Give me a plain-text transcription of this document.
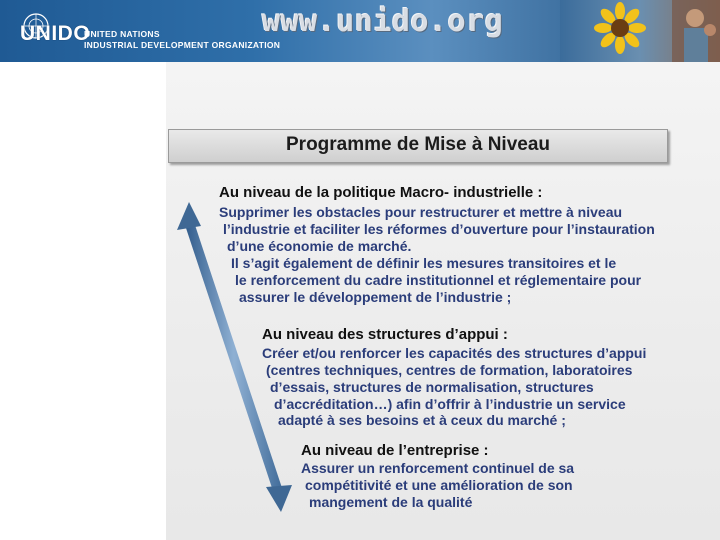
UNIDO
UNITED NATIONS
INDUSTRIAL DEVELOPMENT ORGANIZATION
www.unido.org
Programme de Mise à Niveau
Au niveau de la politique Macro- industrielle :
Supprimer les obstacles pour restructurer et mettre à niveau
l’industrie et faciliter les réformes d’ouverture pour l’instauration
d’une économie de marché.
Il s’agit également de définir les mesures transitoires et le
le renforcement du cadre institutionnel et réglementaire pour
assurer le développement de l’industrie ;
Au niveau des structures d’appui :
Créer et/ou renforcer les capacités des structures d’appui
(centres techniques, centres de formation, laboratoires
d’essais, structures de normalisation, structures
d’accréditation…) afin d’offrir à l’industrie un service
adapté à ses besoins et à ceux du marché ;
Au niveau de l’entreprise :
Assurer un renforcement continuel de sa
compétitivité et une amélioration de son
mangement de la qualité
